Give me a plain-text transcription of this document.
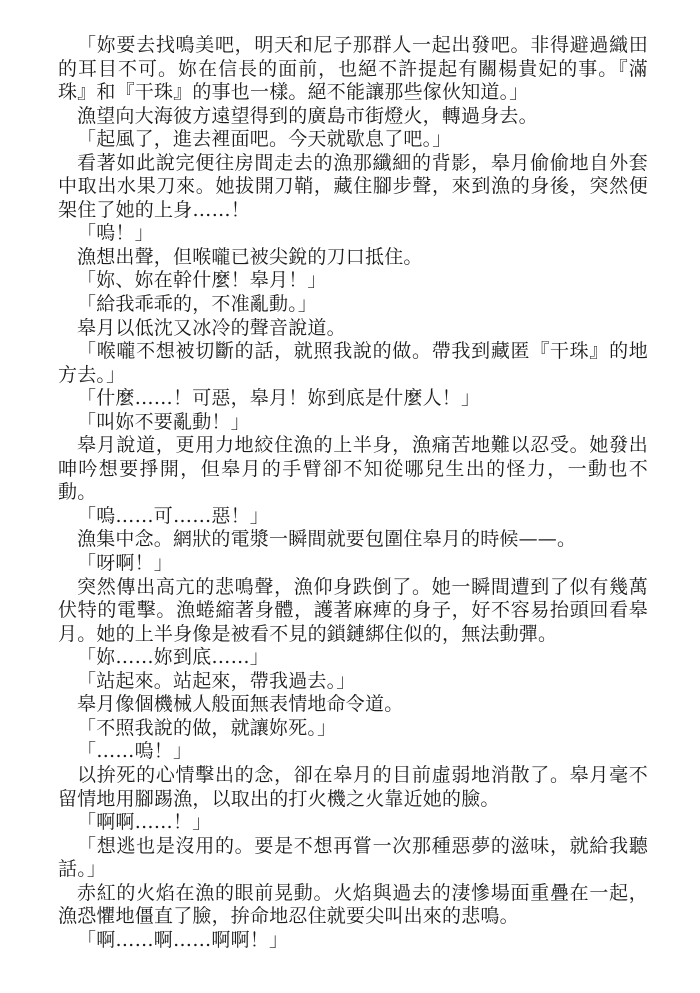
「妳要去找鳴美吧，明天和尼子那群人一起出發吧。非得避過織田的耳目不可。妳在信長的面前，也絕不許提起有關楊貴妃的事。『滿珠』和『干珠』的事也一樣。絕不能讓那些傢伙知道。」

漁望向大海彼方遠望得到的廣島市街燈火，轉過身去。

「起風了，進去裡面吧。今天就歇息了吧。」

看著如此說完便往房間走去的漁那纖細的背影，皋月偷偷地自外套中取出水果刀來。她拔開刀鞘，藏住腳步聲，來到漁的身後，突然便架住了她的上身……！

「嗚！」

漁想出聲，但喉嚨已被尖銳的刀口抵住。

「妳、妳在幹什麼！皋月！」

「給我乖乖的，不准亂動。」

皋月以低沈又冰冷的聲音說道。

「喉嚨不想被切斷的話，就照我說的做。帶我到藏匿『干珠』的地方去。」

「什麼……！可惡，皋月！妳到底是什麼人！」

「叫妳不要亂動！」

皋月說道，更用力地絞住漁的上半身，漁痛苦地難以忍受。她發出呻吟想要掙開，但皋月的手臂卻不知從哪兒生出的怪力，一動也不動。

「嗚……可……惡！」

漁集中念。網狀的電漿一瞬間就要包圍住皋月的時候——。

「呀啊！」

突然傳出高亢的悲鳴聲，漁仰身跌倒了。她一瞬間遭到了似有幾萬伏特的電擊。漁蜷縮著身體，護著麻痺的身子，好不容易抬頭回看皋月。她的上半身像是被看不見的鎖鏈綁住似的，無法動彈。

「妳……妳到底……」

「站起來。站起來，帶我過去。」

皋月像個機械人般面無表情地命令道。

「不照我說的做，就讓妳死。」

「……嗚！」

以拚死的心情擊出的念，卻在皋月的目前虛弱地消散了。皋月毫不留情地用腳踢漁，以取出的打火機之火靠近她的臉。

「啊啊……！」

「想逃也是沒用的。要是不想再嘗一次那種惡夢的滋味，就給我聽話。」

赤紅的火焰在漁的眼前晃動。火焰與過去的淒慘場面重疊在一起，漁恐懼地僵直了臉，拚命地忍住就要尖叫出來的悲鳴。

「啊……啊……啊啊！」
